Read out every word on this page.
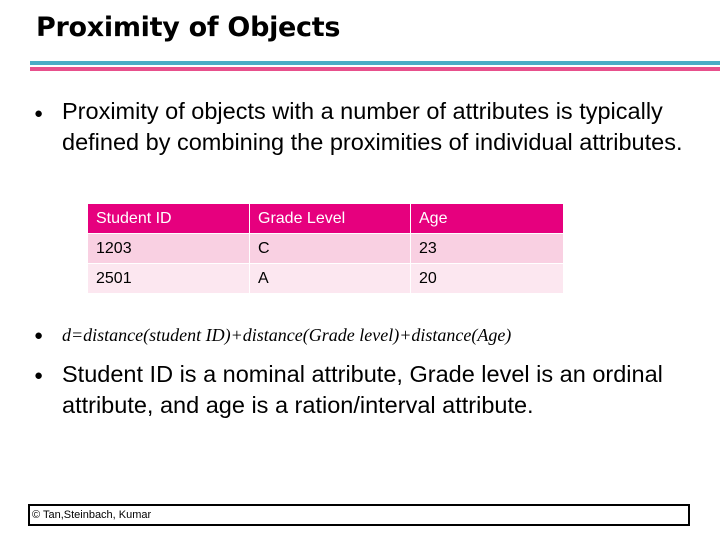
Proximity of Objects
● Proximity of objects with a number of attributes is typically defined by combining the proximities of individual attributes.
Student ID	Grade Level	Age
1203	C	23
2501	A	20
● d=distance(student ID)+distance(Grade level)+distance(Age)
● Student ID is a nominal attribute, Grade level is an ordinal attribute, and age is a ration/interval attribute.
© Tan,Steinbach, Kumar
